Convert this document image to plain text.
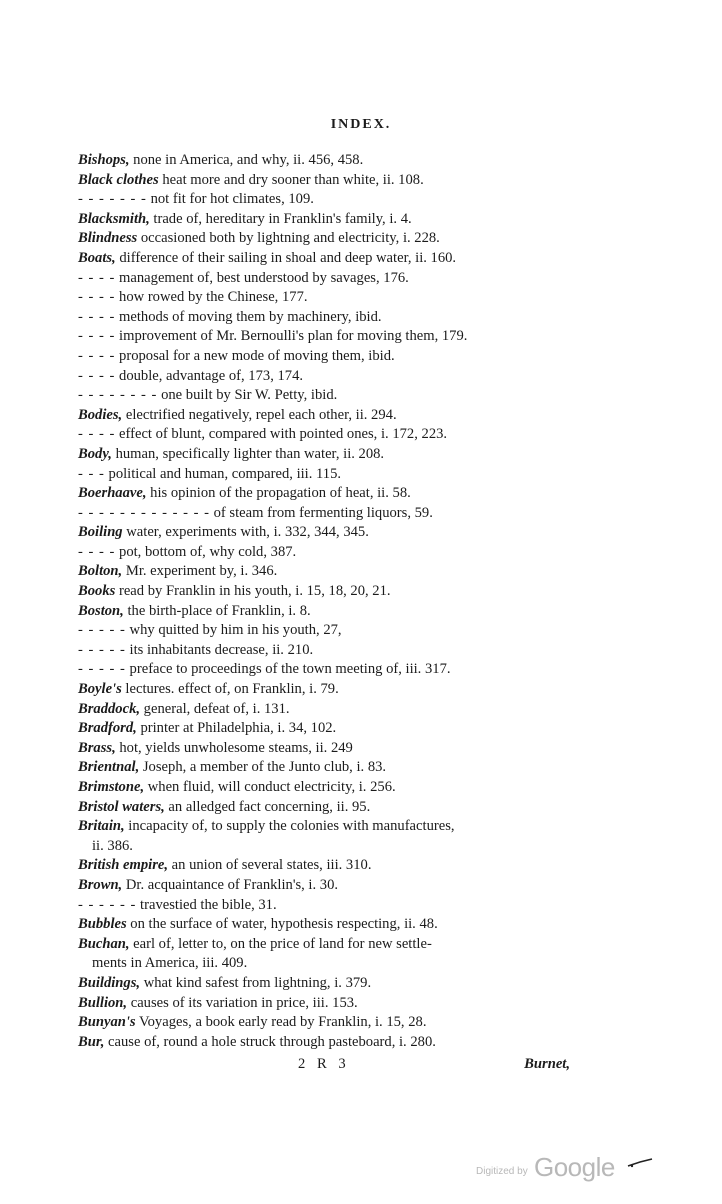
INDEX.
Bishops, none in America, and why, ii. 456, 458.
Black clothes heat more and dry sooner than white, ii. 108.
- - - - - - - not fit for hot climates, 109.
Blacksmith, trade of, hereditary in Franklin's family, i. 4.
Blindness occasioned both by lightning and electricity, i. 228.
Boats, difference of their sailing in shoal and deep water, ii. 160.
- - - - management of, best understood by savages, 176.
- - - - how rowed by the Chinese, 177.
- - - - methods of moving them by machinery, ibid.
- - - - improvement of Mr. Bernoulli's plan for moving them, 179.
- - - - proposal for a new mode of moving them, ibid.
- - - - double, advantage of, 173, 174.
- - - - - - - - one built by Sir W. Petty, ibid.
Bodies, electrified negatively, repel each other, ii. 294.
- - - - effect of blunt, compared with pointed ones, i. 172, 223.
Body, human, specifically lighter than water, ii. 208.
- - - political and human, compared, iii. 115.
Boerhaave, his opinion of the propagation of heat, ii. 58.
- - - - - - - - - - - - - of steam from fermenting liquors, 59.
Boiling water, experiments with, i. 332, 344, 345.
- - - - pot, bottom of, why cold, 387.
Bolton, Mr. experiment by, i. 346.
Books read by Franklin in his youth, i. 15, 18, 20, 21.
Boston, the birth-place of Franklin, i. 8.
- - - - - why quitted by him in his youth, 27,
- - - - - its inhabitants decrease, ii. 210.
- - - - - preface to proceedings of the town meeting of, iii. 317.
Boyle's lectures. effect of, on Franklin, i. 79.
Braddock, general, defeat of, i. 131.
Bradford, printer at Philadelphia, i. 34, 102.
Brass, hot, yields unwholesome steams, ii. 249
Brientnal, Joseph, a member of the Junto club, i. 83.
Brimstone, when fluid, will conduct electricity, i. 256.
Bristol waters, an alledged fact concerning, ii. 95.
Britain, incapacity of, to supply the colonies with manufactures,
ii. 386.
British empire, an union of several states, iii. 310.
Brown, Dr. acquaintance of Franklin's, i. 30.
- - - - - - travestied the bible, 31.
Bubbles on the surface of water, hypothesis respecting, ii. 48.
Buchan, earl of, letter to, on the price of land for new settle-
ments in America, iii. 409.
Buildings, what kind safest from lightning, i. 379.
Bullion, causes of its variation in price, iii. 153.
Bunyan's Voyages, a book early read by Franklin, i. 15, 28.
Bur, cause of, round a hole struck through pasteboard, i. 280.
2 R 3	Burnet,
Digitized by Google
